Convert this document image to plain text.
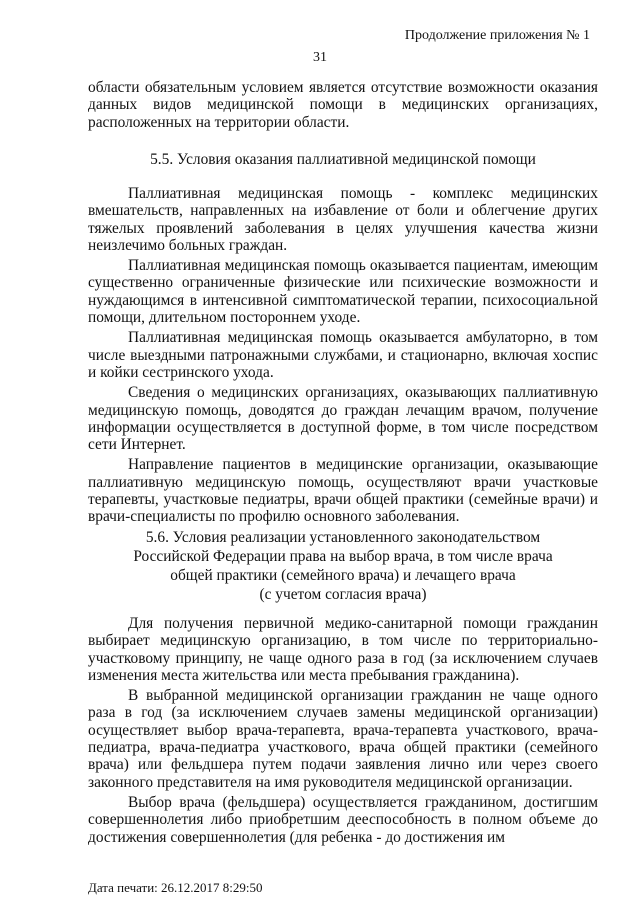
Продолжение приложения № 1
31

области обязательным условием является отсутствие возможности оказания данных видов медицинской помощи в медицинских организациях, расположенных на территории области.

5.5. Условия оказания паллиативной медицинской помощи

Паллиативная медицинская помощь - комплекс медицинских вмешательств, направленных на избавление от боли и облегчение других тяжелых проявлений заболевания в целях улучшения качества жизни неизлечимо больных граждан.

Паллиативная медицинская помощь оказывается пациентам, имеющим существенно ограниченные физические или психические возможности и нуждающимся в интенсивной симптоматической терапии, психосоциальной помощи, длительном постороннем уходе.

Паллиативная медицинская помощь оказывается амбулаторно, в том числе выездными патронажными службами, и стационарно, включая хоспис и койки сестринского ухода.

Сведения о медицинских организациях, оказывающих паллиативную медицинскую помощь, доводятся до граждан лечащим врачом, получение информации осуществляется в доступной форме, в том числе посредством сети Интернет.

Направление пациентов в медицинские организации, оказывающие паллиативную медицинскую помощь, осуществляют врачи участковые терапевты, участковые педиатры, врачи общей практики (семейные врачи) и врачи-специалисты по профилю основного заболевания.

5.6. Условия реализации установленного законодательством
Российской Федерации права на выбор врача, в том числе врача
общей практики (семейного врача) и лечащего врача
(с учетом согласия врача)

Для получения первичной медико-санитарной помощи гражданин выбирает медицинскую организацию, в том числе по территориально-участковому принципу, не чаще одного раза в год (за исключением случаев изменения места жительства или места пребывания гражданина).

В выбранной медицинской организации гражданин не чаще одного раза в год (за исключением случаев замены медицинской организации) осуществляет выбор врача-терапевта, врача-терапевта участкового, врача-педиатра, врача-педиатра участкового, врача общей практики (семейного врача) или фельдшера путем подачи заявления лично или через своего законного представителя на имя руководителя медицинской организации.

Выбор врача (фельдшера) осуществляется гражданином, достигшим совершеннолетия либо приобретшим дееспособность в полном объеме до достижения совершеннолетия (для ребенка - до достижения им

Дата печати: 26.12.2017 8:29:50
